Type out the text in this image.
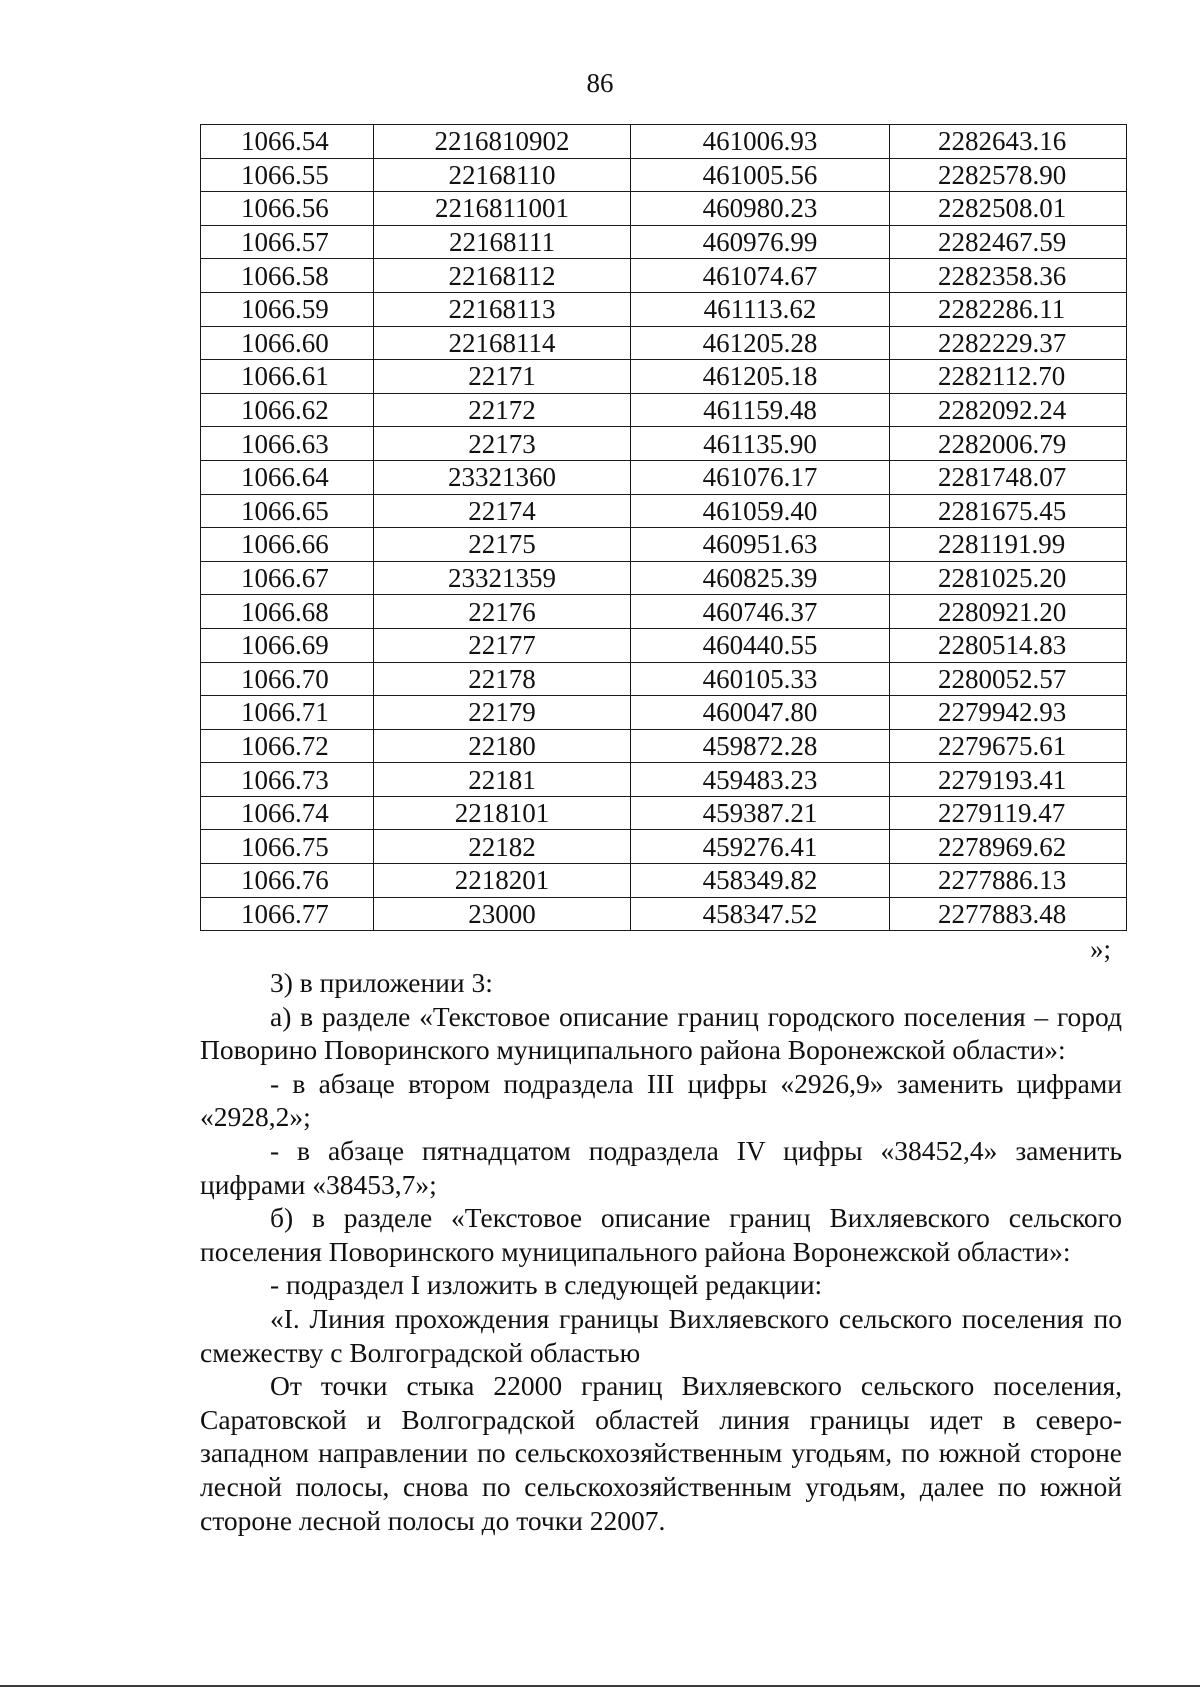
86
1066.54	2216810902	461006.93	2282643.16
1066.55	22168110	461005.56	2282578.90
1066.56	2216811001	460980.23	2282508.01
1066.57	22168111	460976.99	2282467.59
1066.58	22168112	461074.67	2282358.36
1066.59	22168113	461113.62	2282286.11
1066.60	22168114	461205.28	2282229.37
1066.61	22171	461205.18	2282112.70
1066.62	22172	461159.48	2282092.24
1066.63	22173	461135.90	2282006.79
1066.64	23321360	461076.17	2281748.07
1066.65	22174	461059.40	2281675.45
1066.66	22175	460951.63	2281191.99
1066.67	23321359	460825.39	2281025.20
1066.68	22176	460746.37	2280921.20
1066.69	22177	460440.55	2280514.83
1066.70	22178	460105.33	2280052.57
1066.71	22179	460047.80	2279942.93
1066.72	22180	459872.28	2279675.61
1066.73	22181	459483.23	2279193.41
1066.74	2218101	459387.21	2279119.47
1066.75	22182	459276.41	2278969.62
1066.76	2218201	458349.82	2277886.13
1066.77	23000	458347.52	2277883.48
»;

3) в приложении 3:

а) в разделе «Текстовое описание границ городского поселения – город Поворино Поворинского муниципального района Воронежской области»:

- в абзаце втором подраздела III цифры «2926,9» заменить цифрами «2928,2»;

- в абзаце пятнадцатом подраздела IV цифры «38452,4» заменить цифрами «38453,7»;

б) в разделе «Текстовое описание границ Вихляевского сельского поселения Поворинского муниципального района Воронежской области»:

- подраздел I изложить в следующей редакции:

«I. Линия прохождения границы Вихляевского сельского поселения по смежеству с Волгоградской областью

От точки стыка 22000 границ Вихляевского сельского поселения, Саратовской и Волгоградской областей линия границы идет в северо-западном направлении по сельскохозяйственным угодьям, по южной стороне лесной полосы, снова по сельскохозяйственным угодьям, далее по южной стороне лесной полосы до точки 22007.
